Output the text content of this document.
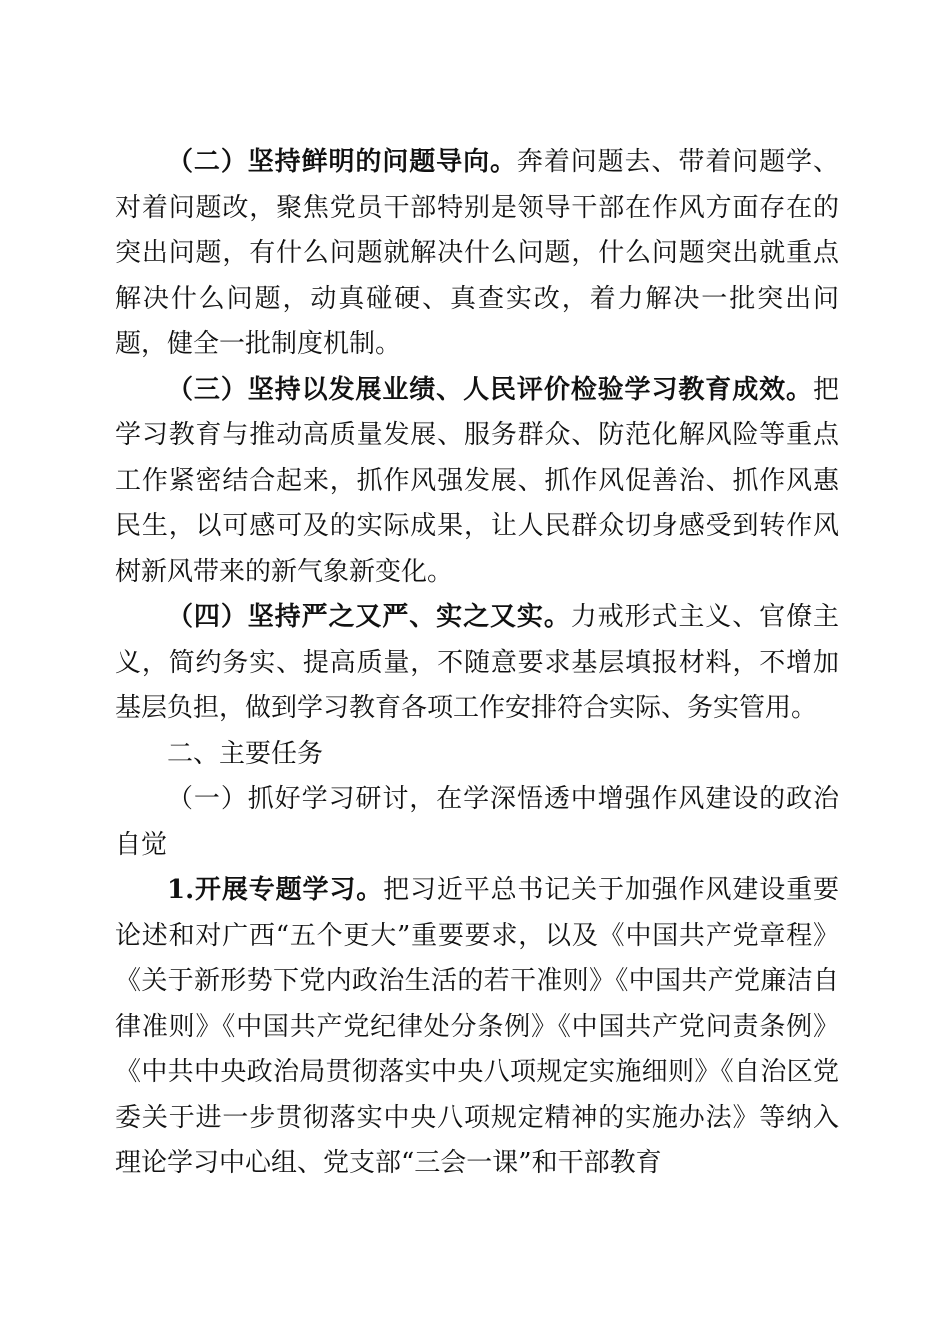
（二）坚持鲜明的问题导向。奔着问题去、带着问题学、对着问题改，聚焦党员干部特别是领导干部在作风方面存在的突出问题，有什么问题就解决什么问题，什么问题突出就重点解决什么问题，动真碰硬、真查实改，着力解决一批突出问题，健全一批制度机制。

（三）坚持以发展业绩、人民评价检验学习教育成效。把学习教育与推动高质量发展、服务群众、防范化解风险等重点工作紧密结合起来，抓作风强发展、抓作风促善治、抓作风惠民生，以可感可及的实际成果，让人民群众切身感受到转作风树新风带来的新气象新变化。

（四）坚持严之又严、实之又实。力戒形式主义、官僚主义，简约务实、提高质量，不随意要求基层填报材料，不增加基层负担，做到学习教育各项工作安排符合实际、务实管用。

二、主要任务

（一）抓好学习研讨，在学深悟透中增强作风建设的政治自觉

1.开展专题学习。把习近平总书记关于加强作风建设重要论述和对广西“五个更大”重要要求，以及《中国共产党章程》《关于新形势下党内政治生活的若干准则》《中国共产党廉洁自律准则》《中国共产党纪律处分条例》《中国共产党问责条例》《中共中央政治局贯彻落实中央八项规定实施细则》《自治区党委关于进一步贯彻落实中央八项规定精神的实施办法》等纳入理论学习中心组、党支部“三会一课”和干部教育
